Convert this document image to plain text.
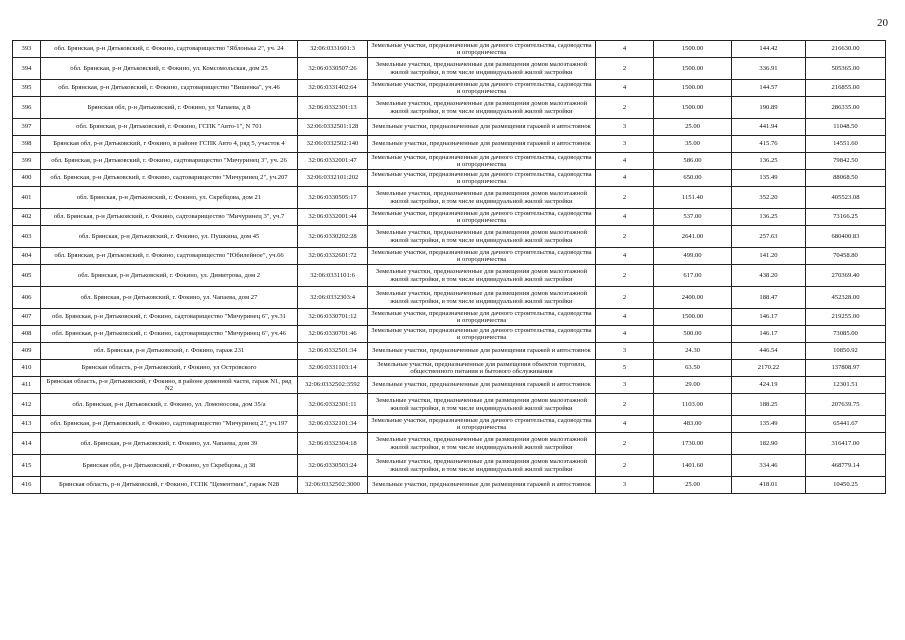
20
393	обл. Брянская, р-н Дятьковский, г. Фокино, садтоварищество "Яблонька 2", уч. 24	32:06:0331601:3	Земельные участки, предназначенные для дачного строительства, садоводства и огородничества	4	1500.00	144.42	216630.00
394	обл. Брянская, р-н Дятьковский, г. Фокино, ул. Комсомольская, дом 25	32:06:0330507:26	Земельные участки, предназначенные для размещения домов малоэтажной жилой застройки, в том числе индивидуальной жилой застройки	2	1500.00	336.91	505365.00
395	обл. Брянская, р-н Дятьковский, г. Фокино, садтоварищество "Вишенка", уч.46	32:06:0331402:64	Земельные участки, предназначенные для дачного строительства, садоводства и огородничества	4	1500.00	144.57	216855.00
396	Брянская обл, р-н Дятьковский, г. Фокино, ул Чапаева, д 8	32:06:0332301:13	Земельные участки, предназначенные для размещения домов малоэтажной жилой застройки, в том числе индивидуальной жилой застройки	2	1500.00	190.89	286335.00
397	обл. Брянская, р-н Дятьковский, г. Фокино, ГСПК "Авто-1", N 701	32:06:0332501:128	Земельные участки, предназначенные для размещения гаражей и автостоянок	3	25.00	441.94	11048.50
398	Брянская обл, р-н Дятьковский, г Фокино, в районе ГСПК Авто 4, ряд 5, участок 4	32:06:0332502:140	Земельные участки, предназначенные для размещения гаражей и автостоянок	3	35.00	415.76	14551.60
399	обл. Брянская, р-н Дятьковский, г. Фокино, садтоварищество "Мичуринец 3", уч. 26	32:06:0332001:47	Земельные участки, предназначенные для дачного строительства, садоводства и огородничества	4	586.00	136.25	79842.50
400	обл. Брянская, р-н Дятьковский, г. Фокино, садтоварищество "Мичуринец 2", уч.207	32:06:0332101:202	Земельные участки, предназначенные для дачного строительства, садоводства и огородничества	4	650.00	135.49	88068.50
401	обл. Брянская, р-н Дятьковский, г. Фокино, ул. Скребцова, дом 21	32:06:0330505:17	Земельные участки, предназначенные для размещения домов малоэтажной жилой застройки, в том числе индивидуальной жилой застройки	2	1151.40	352.20	405523.08
402	обл. Брянская, р-н Дятьковский, г. Фокино, садтоварищество "Мичуринец 3", уч.7	32:06:0332001:44	Земельные участки, предназначенные для дачного строительства, садоводства и огородничества	4	537.00	136.25	73166.25
403	обл. Брянская, р-н Дятьковский, г. Фокино, ул. Пушкина, дом 45	32:06:0330202:28	Земельные участки, предназначенные для размещения домов малоэтажной жилой застройки, в том числе индивидуальной жилой застройки	2	2641.00	257.63	680400.83
404	обл. Брянская, р-н Дятьковский, г. Фокино, садтоварищество "Юбилейное", уч.66	32:06:0332601:72	Земельные участки, предназначенные для дачного строительства, садоводства и огородничества	4	499.00	141.20	70458.80
405	обл. Брянская, р-н Дятьковский, г. Фокино, ул. Димитрова, дом 2	32:06:0331101:6	Земельные участки, предназначенные для размещения домов малоэтажной жилой застройки, в том числе индивидуальной жилой застройки	2	617.00	438.20	270369.40
406	обл. Брянская, р-н Дятьковский, г. Фокино, ул. Чапаева, дом 27	32:06:0332303:4	Земельные участки, предназначенные для размещения домов малоэтажной жилой застройки, в том числе индивидуальной жилой застройки	2	2400.00	188.47	452328.00
407	обл. Брянская, р-н Дятьковский, г. Фокино, садтоварищество "Мичуринец 6", уч.31	32:06:0330701:12	Земельные участки, предназначенные для дачного строительства, садоводства и огородничества	4	1500.00	146.17	219255.00
408	обл. Брянская, р-н Дятьковский, г. Фокино, садтоварищество "Мичуринец 6", уч.46	32:06:0330701:46	Земельные участки, предназначенные для дачного строительства, садоводства и огородничества	4	500.00	146.17	73085.00
409	обл. Брянская, р-н Дятьковский, г. Фокино, гараж 231	32:06:0332501:34	Земельные участки, предназначенные для размещения гаражей и автостоянок	3	24.30	446.54	10850.92
410	Брянская область, р-н Дятьковский, г Фокино, ул Островского	32:06:0331103:14	Земельные участки, предназначенные для размещения объектов торговли, общественного питания и бытового обслуживания	5	63.50	2170.22	137808.97
411	Брянская область, р-н Дятьковский, г Фокино, в районе доменной части, гараж N1, ряд N2	32:06:0332502:3592	Земельные участки, предназначенные для размещения гаражей и автостоянок	3	29.00	424.19	12301.51
412	обл. Брянская, р-н Дятьковский, г. Фокино, ул. Ломоносова, дом 35/а	32:06:0332301:11	Земельные участки, предназначенные для размещения домов малоэтажной жилой застройки, в том числе индивидуальной жилой застройки	2	1103.00	188.25	207639.75
413	обл. Брянская, р-н Дятьковский, г. Фокино, садтоварищество "Мичуринец 2", уч.197	32:06:0332101:34	Земельные участки, предназначенные для дачного строительства, садоводства и огородничества	4	483.00	135.49	65441.67
414	обл. Брянская, р-н Дятьковский, г. Фокино, ул. Чапаева, дом 39	32:06:0332304:18	Земельные участки, предназначенные для размещения домов малоэтажной жилой застройки, в том числе индивидуальной жилой застройки	2	1730.00	182.90	316417.00
415	Брянская обл, р-н Дятьковский, г Фокино, ул Скребцова, д 38	32:06:0330503:24	Земельные участки, предназначенные для размещения домов малоэтажной жилой застройки, в том числе индивидуальной жилой застройки	2	1401.60	334.46	468779.14
416	Брянская область, р-н Дятьковский, г Фокино, ГСПК "Цементник", гараж N28	32:06:0332502:3000	Земельные участки, предназначенные для размещения гаражей и автостоянок	3	25.00	418.01	10450.25
